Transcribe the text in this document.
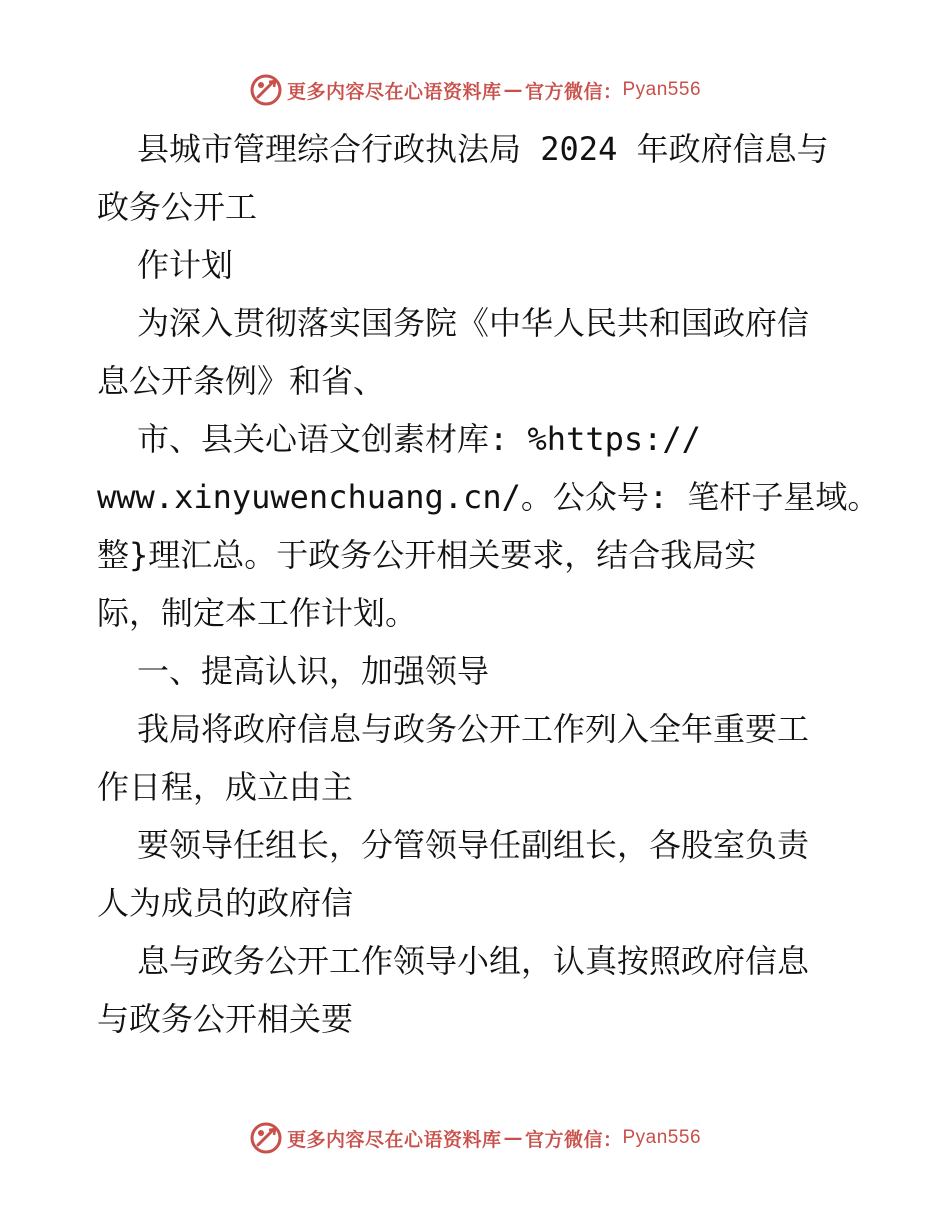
更多内容尽在心语资料库 — 官方微信： Pyan556

县城市管理综合行政执法局 2024 年政府信息与

政务公开工

作计划

为深入贯彻落实国务院《中华人民共和国政府信

息公开条例》和省、

市、县关心语文创素材库: %https://

www.xinyuwenchuang.cn/。公众号: 笔杆子星域。

整}理汇总。于政务公开相关要求，结合我局实

际，制定本工作计划。

一、提高认识，加强领导

我局将政府信息与政务公开工作列入全年重要工

作日程，成立由主

要领导任组长，分管领导任副组长，各股室负责

人为成员的政府信

息与政务公开工作领导小组，认真按照政府信息

与政务公开相关要

更多内容尽在心语资料库 — 官方微信： Pyan556
